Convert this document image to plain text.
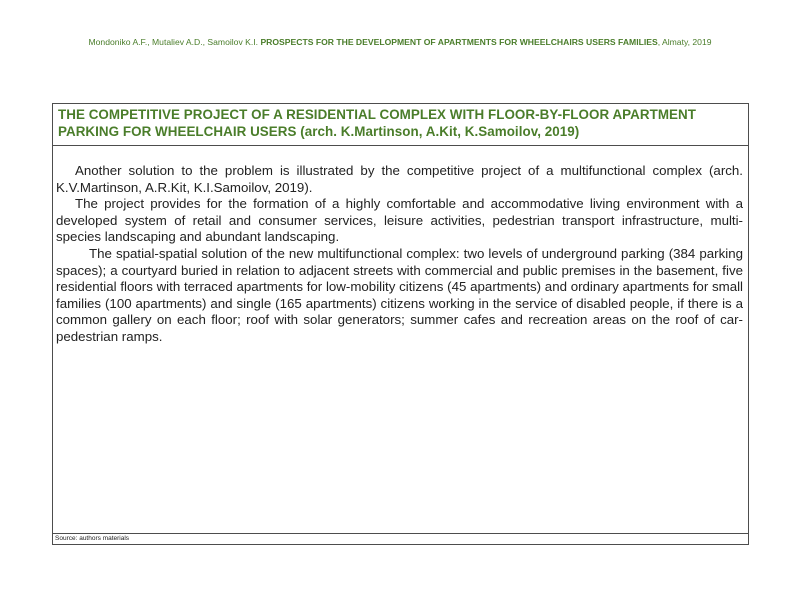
Mondoniko A.F., Mutaliev A.D., Samoilov K.I. PROSPECTS FOR THE DEVELOPMENT OF APARTMENTS FOR WHEELCHAIRS USERS FAMILIES, Almaty, 2019
THE COMPETITIVE PROJECT OF A RESIDENTIAL COMPLEX WITH FLOOR-BY-FLOOR APARTMENT PARKING FOR WHEELCHAIR USERS (arch. K.Martinson, A.Kit, K.Samoilov, 2019)

Another solution to the problem is illustrated by the competitive project of a multifunctional complex (arch. K.V.Martinson, A.R.Kit, K.I.Samoilov, 2019).

The project provides for the formation of a highly comfortable and accommodative living environment with a developed system of retail and consumer services, leisure activities, pedestrian transport infrastructure, multi-species landscaping and abundant landscaping.

The spatial-spatial solution of the new multifunctional complex: two levels of underground parking (384 parking spaces); a courtyard buried in relation to adjacent streets with commercial and public premises in the basement, five residential floors with terraced apartments for low-mobility citizens (45 apartments) and ordinary apartments for small families (100 apartments) and single (165 apartments) citizens working in the service of disabled people, if there is a common gallery on each floor; roof with solar generators; summer cafes and recreation areas on the roof of car-pedestrian ramps.

Source: authors materials
